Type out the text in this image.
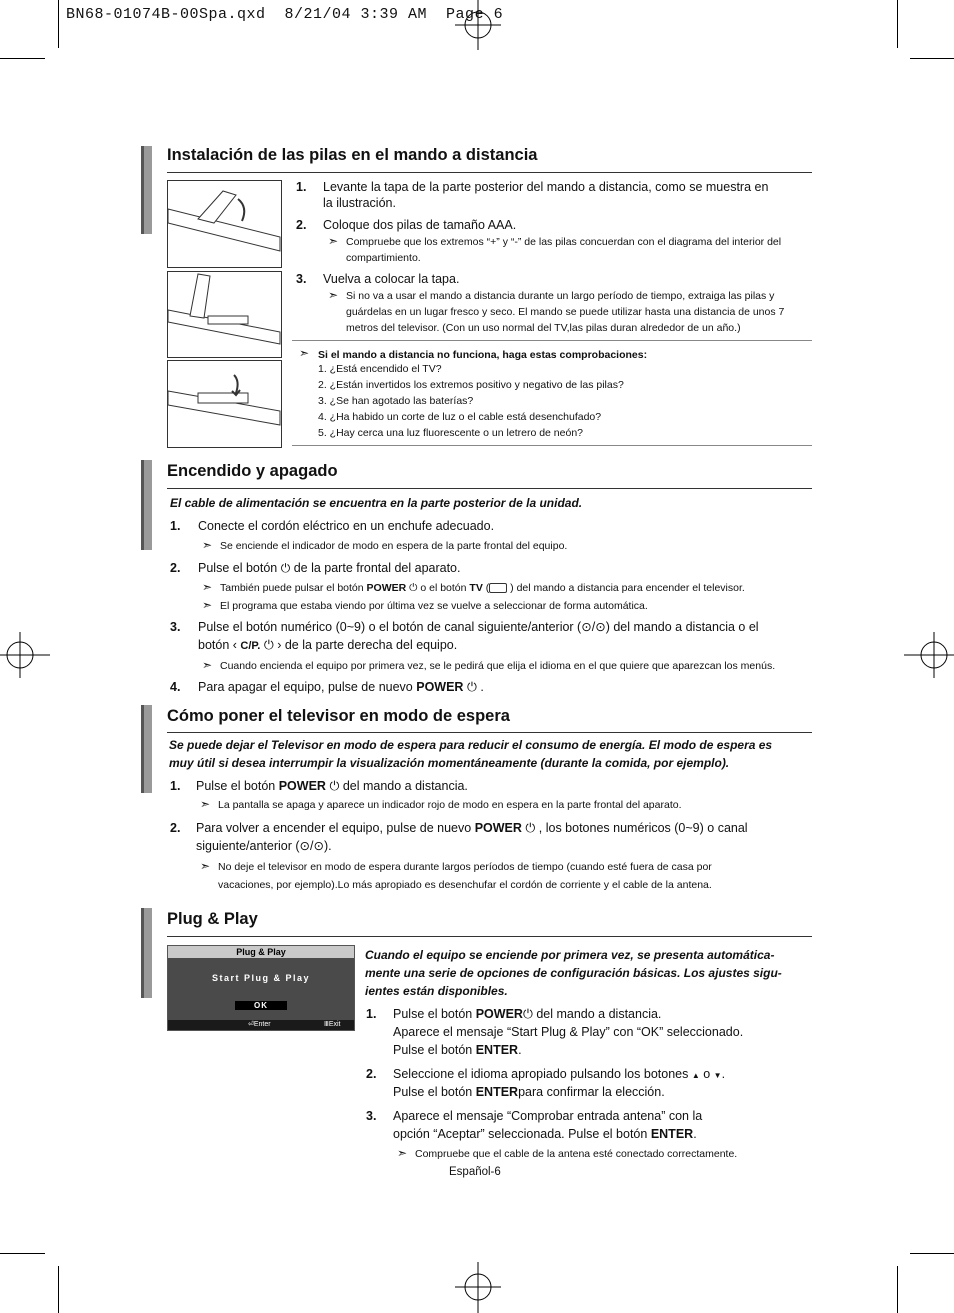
BN68-01074B-00Spa.qxd  8/21/04 3:39 AM  Page 6
Instalación de las pilas en el mando a distancia
1. Levante la tapa de la parte posterior del mando a distancia, como se muestra en
la ilustración.
2. Coloque dos pilas de tamaño AAA.
➣ Compruebe que los extremos “+” y “-” de las pilas concuerdan con el diagrama del interior del
compartimiento.
3. Vuelva a colocar la tapa.
➣ Si no va a usar el mando a distancia durante un largo período de tiempo, extraiga las pilas y
guárdelas en un lugar fresco y seco. El mando se puede utilizar hasta una distancia de unos 7
metros del televisor. (Con un uso normal del TV,las pilas duran alrededor de un año.)
➣ Si el mando a distancia no funciona, haga estas comprobaciones:
1. ¿Está encendido el TV?
2. ¿Están invertidos los extremos positivo y negativo de las pilas?
3. ¿Se han agotado las baterías?
4. ¿Ha habido un corte de luz o el cable está desenchufado?
5. ¿Hay cerca una luz fluorescente o un letrero de neón?
Encendido y apagado
El cable de alimentación se encuentra en la parte posterior de la unidad.
1. Conecte el cordón eléctrico en un enchufe adecuado.
➣ Se enciende el indicador de modo en espera de la parte frontal del equipo.
2. Pulse el botón ⏻ de la parte frontal del aparato.
➣ También puede pulsar el botón POWER ⏻ o el botón TV ( ) del mando a distancia para encender el televisor.
➣ El programa que estaba viendo por última vez se vuelve a seleccionar de forma automática.
3. Pulse el botón numérico (0~9) o el botón de canal siguiente/anterior (⊙/⊙) del mando a distancia o el
botón ‹ C/P. ⏻ › de la parte derecha del equipo.
➣ Cuando encienda el equipo por primera vez, se le pedirá que elija el idioma en el que quiere que aparezcan los menús.
4. Para apagar el equipo, pulse de nuevo POWER ⏻ .
Cómo poner el televisor en modo de espera
Se puede dejar el Televisor en modo de espera para reducir el consumo de energía. El modo de espera es
muy útil si desea interrumpir la visualización momentáneamente (durante la comida, por ejemplo).
1. Pulse el botón POWER ⏻ del mando a distancia.
➣ La pantalla se apaga y aparece un indicador rojo de modo en espera en la parte frontal del aparato.
2. Para volver a encender el equipo, pulse de nuevo POWER ⏻ , los botones numéricos (0~9) o canal
siguiente/anterior (⊙/⊙).
➣ No deje el televisor en modo de espera durante largos períodos de tiempo (cuando esté fuera de casa por
vacaciones, por ejemplo).Lo más apropiado es desenchufar el cordón de corriente y el cable de la antena.
Plug & Play
Plug & Play
Start Plug & Play
OK
⏎Enter	ⅢExit
Cuando el equipo se enciende por primera vez, se presenta automática-
mente una serie de opciones de configuración básicas. Los ajustes sigu-
ientes están disponibles.
1. Pulse el botón POWER⏻ del mando a distancia.
Aparece el mensaje “Start Plug & Play” con “OK” seleccionado.
Pulse el botón ENTER.
2. Seleccione el idioma apropiado pulsando los botones ▲ o ▼.
Pulse el botón ENTERpara confirmar la elección.
3. Aparece el mensaje “Comprobar entrada antena” con la
opción “Aceptar” seleccionada. Pulse el botón ENTER.
➣ Compruebe que el cable de la antena esté conectado correctamente.
Español-6
